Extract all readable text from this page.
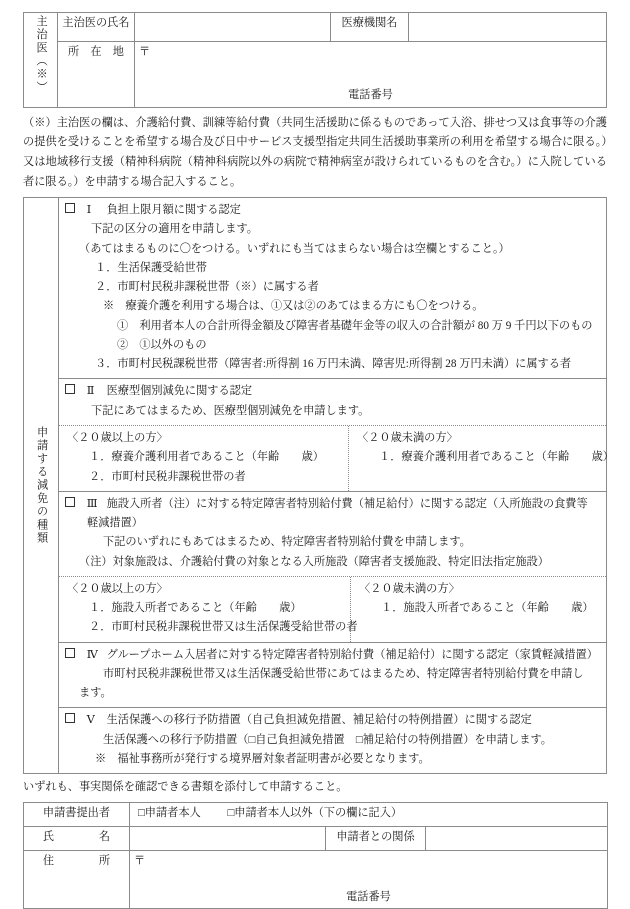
主治医（※）	主治医の氏名		医療機関名	
	所　在　地	〒
電話番号		

（※）主治医の欄は、介護給付費、訓練等給付費（共同生活援助に係るものであって入浴、排せつ又は食事等の介護の提供を受けることを希望する場合及び日中サービス支援型指定共同生活援助事業所の利用を希望する場合に限る。）又は地域移行支援（精神科病院（精神科病院以外の病院で精神病室が設けられているものを含む。）に入院している者に限る。）を申請する場合記入すること。

申請する減免の種類

Ⅰ 負担上限月額に関する認定
下記の区分の適用を申請します。
（あてはまるものに〇をつける。いずれにも当てはまらない場合は空欄とすること。）
１．生活保護受給世帯
２．市町村民税非課税世帯（※）に属する者
※　療養介護を利用する場合は、①又は②のあてはまる方にも〇をつける。
①　利用者本人の合計所得金額及び障害者基礎年金等の収入の合計額が 80 万 9 千円以下のもの
②　①以外のもの
３．市町村民税課税世帯（障害者:所得割 16 万円未満、障害児:所得割 28 万円未満）に属する者
Ⅱ 医療型個別減免に関する認定
下記にあてはまるため、医療型個別減免を申請します。
〈２０歳以上の方〉
１．療養介護利用者であること（年齢　　歳）
２．市町村民税非課税世帯の者
〈２０歳未満の方〉
１．療養介護利用者であること（年齢　　歳）
Ⅲ 施設入所者（注）に対する特定障害者特別給付費（補足給付）に関する認定（入所施設の食費等
軽減措置）
下記のいずれにもあてはまるため、特定障害者特別給付費を申請します。
（注）対象施設は、介護給付費の対象となる入所施設（障害者支援施設、特定旧法指定施設）
〈２０歳以上の方〉
１．施設入所者であること（年齢　　歳）
２．市町村民税非課税世帯又は生活保護受給世帯の者
〈２０歳未満の方〉
１．施設入所者であること（年齢　　歳）
Ⅳ グループホーム入居者に対する特定障害者特別給付費（補足給付）に関する認定（家賃軽減措置）
市町村民税非課税世帯又は生活保護受給世帯にあてはまるため、特定障害者特別給付費を申請し
ます。
Ⅴ 生活保護への移行予防措置（自己負担減免措置、補足給付の特例措置）に関する認定
生活保護への移行予防措置（□自己負担減免措置　□補足給付の特例措置）を申請します。
※　福祉事務所が発行する境界層対象者証明書が必要となります。

いずれも、事実関係を確認できる書類を添付して申請すること。

申請書提出者	□申請者本人 □申請者本人以外（下の欄に記入）		
氏　　　　名		申請者との関係	
住　　　　所	〒
電話番号		
